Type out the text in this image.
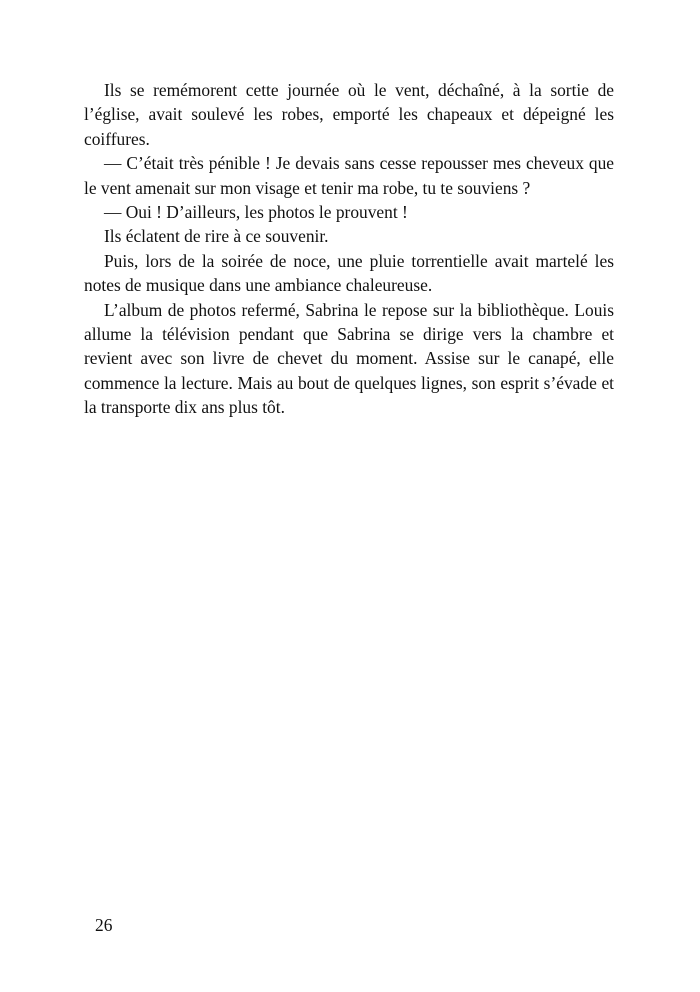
Ils se remémorent cette journée où le vent, déchaîné, à la sortie de l’église, avait soulevé les robes, emporté les chapeaux et dépeigné les coiffures.

— C’était très pénible ! Je devais sans cesse repousser mes cheveux que le vent amenait sur mon visage et tenir ma robe, tu te souviens ?

— Oui ! D’ailleurs, les photos le prouvent !

Ils éclatent de rire à ce souvenir.

Puis, lors de la soirée de noce, une pluie torrentielle avait martelé les notes de musique dans une ambiance chaleureuse.

L’album de photos refermé, Sabrina le repose sur la bibliothèque. Louis allume la télévision pendant que Sabrina se dirige vers la chambre et revient avec son livre de chevet du moment. Assise sur le canapé, elle commence la lecture. Mais au bout de quelques lignes, son esprit s’évade et la transporte dix ans plus tôt.

26
